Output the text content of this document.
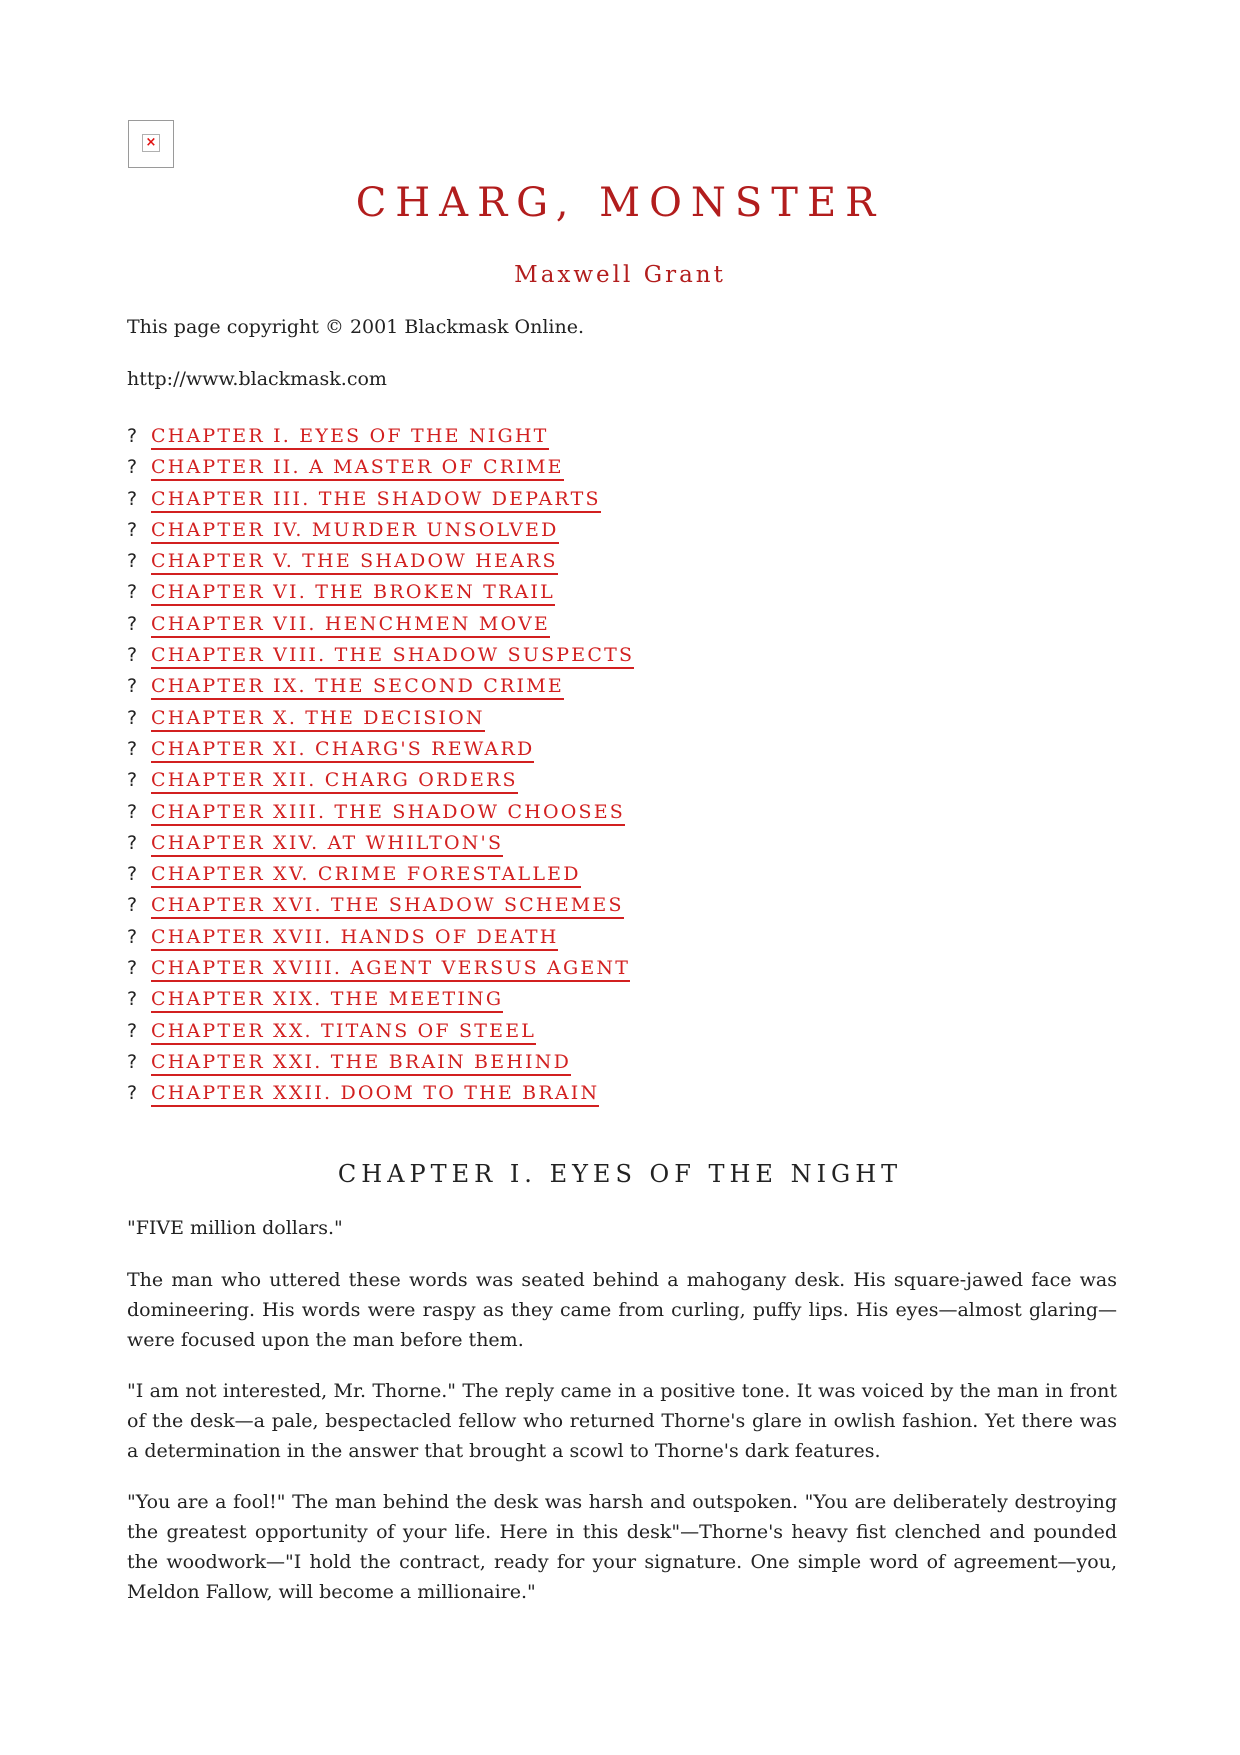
×
CHARG, MONSTER
Maxwell Grant
This page copyright © 2001 Blackmask Online.
http://www.blackmask.com
? CHAPTER I. EYES OF THE NIGHT
? CHAPTER II. A MASTER OF CRIME
? CHAPTER III. THE SHADOW DEPARTS
? CHAPTER IV. MURDER UNSOLVED
? CHAPTER V. THE SHADOW HEARS
? CHAPTER VI. THE BROKEN TRAIL
? CHAPTER VII. HENCHMEN MOVE
? CHAPTER VIII. THE SHADOW SUSPECTS
? CHAPTER IX. THE SECOND CRIME
? CHAPTER X. THE DECISION
? CHAPTER XI. CHARG'S REWARD
? CHAPTER XII. CHARG ORDERS
? CHAPTER XIII. THE SHADOW CHOOSES
? CHAPTER XIV. AT WHILTON'S
? CHAPTER XV. CRIME FORESTALLED
? CHAPTER XVI. THE SHADOW SCHEMES
? CHAPTER XVII. HANDS OF DEATH
? CHAPTER XVIII. AGENT VERSUS AGENT
? CHAPTER XIX. THE MEETING
? CHAPTER XX. TITANS OF STEEL
? CHAPTER XXI. THE BRAIN BEHIND
? CHAPTER XXII. DOOM TO THE BRAIN
CHAPTER I. EYES OF THE NIGHT

"FIVE million dollars."

The man who uttered these words was seated behind a mahogany desk. His square-jawed face was domineering. His words were raspy as they came from curling, puffy lips. His eyes—almost glaring—were focused upon the man before them.

"I am not interested, Mr. Thorne." The reply came in a positive tone. It was voiced by the man in front of the desk—a pale, bespectacled fellow who returned Thorne's glare in owlish fashion. Yet there was a determination in the answer that brought a scowl to Thorne's dark features.

"You are a fool!" The man behind the desk was harsh and outspoken. "You are deliberately destroying the greatest opportunity of your life. Here in this desk"—Thorne's heavy fist clenched and pounded the woodwork—"I hold the contract, ready for your signature. One simple word of agreement—you, Meldon Fallow, will become a millionaire."
